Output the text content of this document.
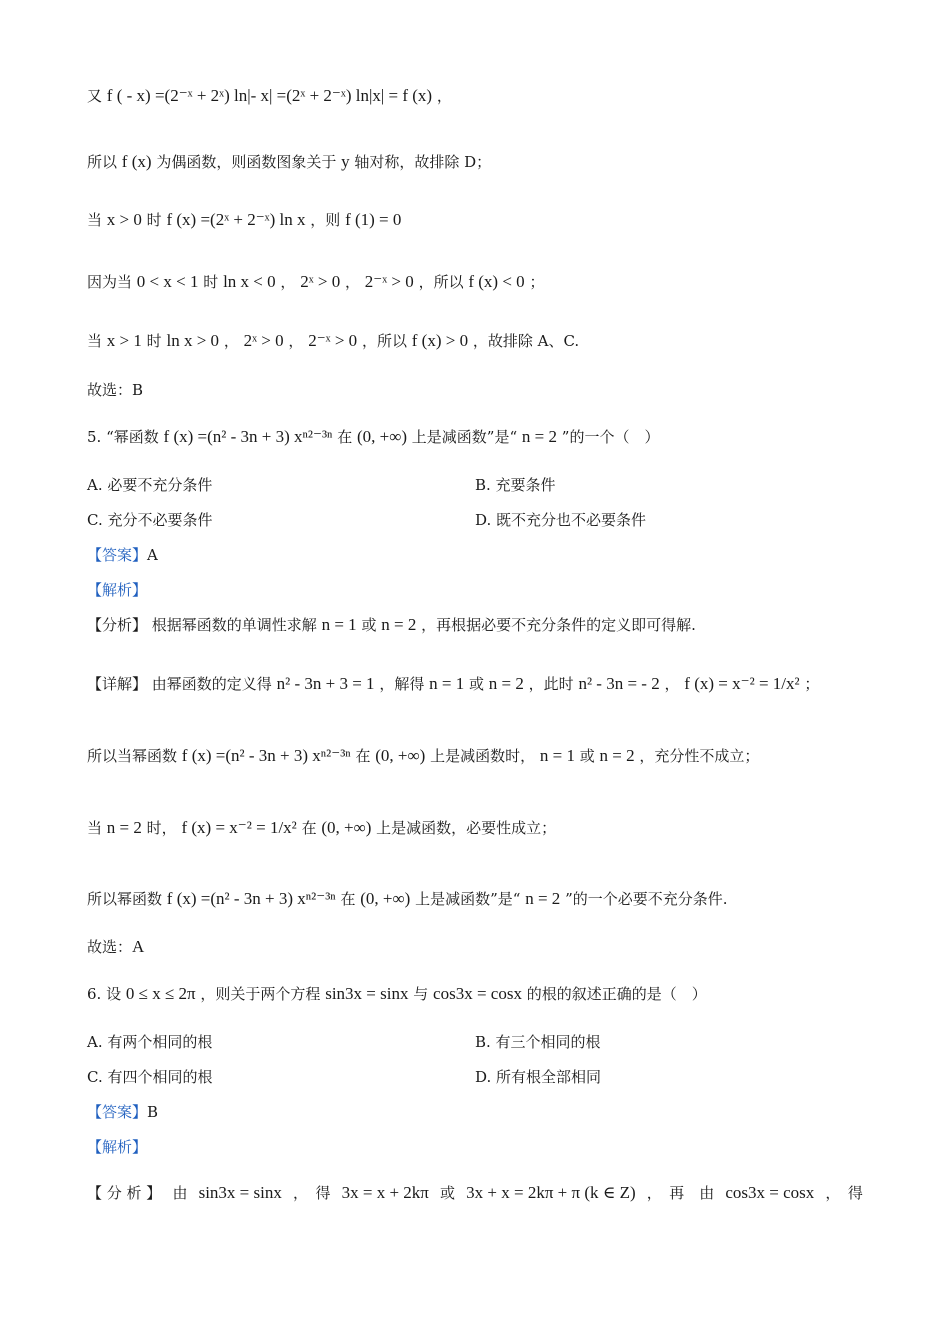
又 f ( - x) =(2⁻ˣ + 2ˣ) ln|- x| =(2ˣ + 2⁻ˣ) ln|x| = f (x) ，
所以 f (x) 为偶函数，则函数图象关于 y 轴对称，故排除 D；
当 x > 0 时 f (x) =(2ˣ + 2⁻ˣ) ln x ，则 f (1) = 0
因为当 0 < x < 1 时 ln x < 0 ， 2ˣ > 0 ， 2⁻ˣ > 0 ，所以 f (x) < 0 ；
当 x > 1 时 ln x > 0 ， 2ˣ > 0 ， 2⁻ˣ > 0 ，所以 f (x) > 0 ，故排除 A、C.
故选：B
5. “幂函数 f (x) =(n² - 3n + 3) xⁿ²⁻³ⁿ 在 (0, +∞) 上是减函数”是“ n = 2 ”的一个（　）
A. 必要不充分条件	B. 充要条件
C. 充分不必要条件	D. 既不充分也不必要条件
【答案】A
【解析】
【分析】 根据幂函数的单调性求解 n = 1 或 n = 2 ，再根据必要不充分条件的定义即可得解.
【详解】 由幂函数的定义得 n² - 3n + 3 = 1 ，解得 n = 1 或 n = 2 ，此时 n² - 3n = - 2 ， f (x) = x⁻² = 1/x² ；
所以当幂函数 f (x) =(n² - 3n + 3) xⁿ²⁻³ⁿ 在 (0, +∞) 上是减函数时， n = 1 或 n = 2 ，充分性不成立；
当 n = 2 时， f (x) = x⁻² = 1/x² 在 (0, +∞) 上是减函数，必要性成立；
所以幂函数 f (x) =(n² - 3n + 3) xⁿ²⁻³ⁿ 在 (0, +∞) 上是减函数”是“ n = 2 ”的一个必要不充分条件.
故选：A
6. 设 0 ≤ x ≤ 2π ，则关于两个方程 sin3x = sinx 与 cos3x = cosx 的根的叙述正确的是（　）
A. 有两个相同的根	B. 有三个相同的根
C. 有四个相同的根	D. 所有根全部相同
【答案】B
【解析】
【 分 析 】 由 sin3x = sinx ，　得 3x = x + 2kπ 或 3x + x = 2kπ + π (k ∈ Z) ，　再　由 cos3x = cosx ，　得
